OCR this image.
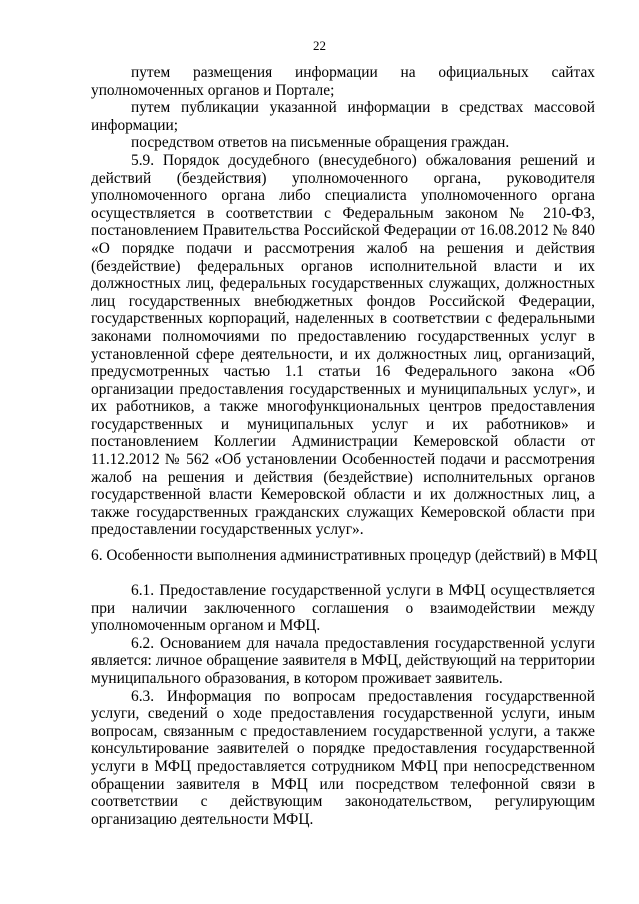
22

путем размещения информации на официальных сайтах уполномоченных органов и Портале;

путем публикации указанной информации в средствах массовой информации;

посредством ответов на письменные обращения граждан.

5.9. Порядок досудебного (внесудебного) обжалования решений и действий (бездействия) уполномоченного органа, руководителя уполномоченного органа либо специалиста уполномоченного органа осуществляется в соответствии с Федеральным законом № 210-ФЗ, постановлением Правительства Российской Федерации от 16.08.2012 № 840 «О порядке подачи и рассмотрения жалоб на решения и действия (бездействие) федеральных органов исполнительной власти и их должностных лиц, федеральных государственных служащих, должностных лиц государственных внебюджетных фондов Российской Федерации, государственных корпораций, наделенных в соответствии с федеральными законами полномочиями по предоставлению государственных услуг в установленной сфере деятельности, и их должностных лиц, организаций, предусмотренных частью 1.1 статьи 16 Федерального закона «Об организации предоставления государственных и муниципальных услуг», и их работников, а также многофункциональных центров предоставления государственных и муниципальных услуг и их работников» и постановлением Коллегии Администрации Кемеровской области от 11.12.2012 № 562 «Об установлении Особенностей подачи и рассмотрения жалоб на решения и действия (бездействие) исполнительных органов государственной власти Кемеровской области и их должностных лиц, а также государственных гражданских служащих Кемеровской области при предоставлении государственных услуг».

6. Особенности выполнения административных процедур (действий) в МФЦ

6.1. Предоставление государственной услуги в МФЦ осуществляется при наличии заключенного соглашения о взаимодействии между уполномоченным органом и МФЦ.

6.2. Основанием для начала предоставления государственной услуги является: личное обращение заявителя в МФЦ, действующий на территории муниципального образования, в котором проживает заявитель.

6.3. Информация по вопросам предоставления государственной услуги, сведений о ходе предоставления государственной услуги, иным вопросам, связанным с предоставлением государственной услуги, а также консультирование заявителей о порядке предоставления государственной услуги в МФЦ предоставляется сотрудником МФЦ при непосредственном обращении заявителя в МФЦ или посредством телефонной связи в соответствии с действующим законодательством, регулирующим организацию деятельности МФЦ.
